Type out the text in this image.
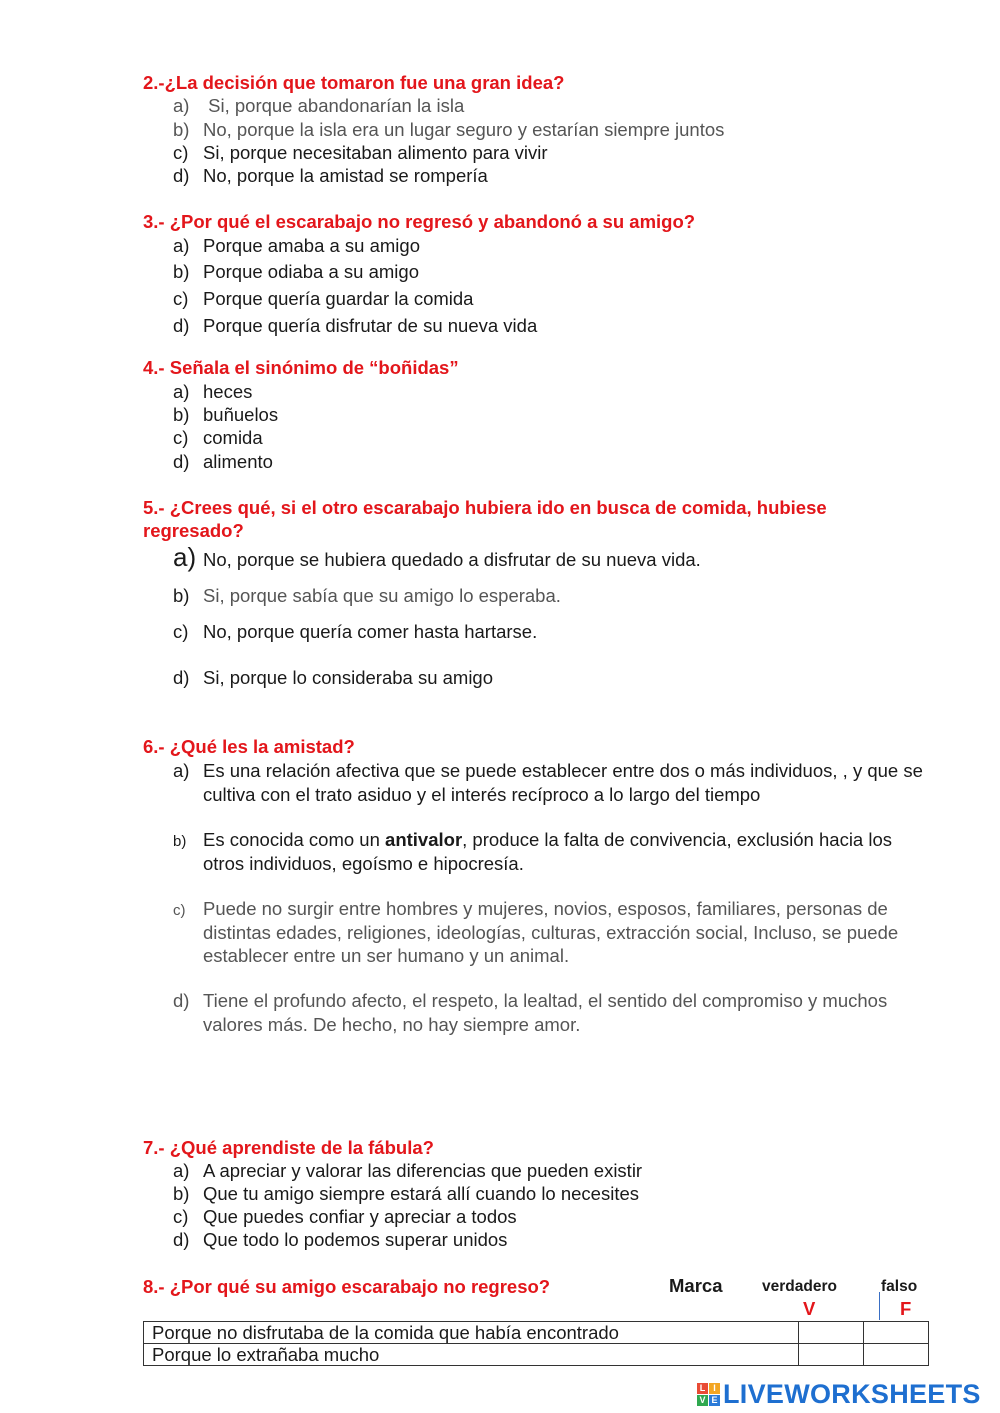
2.-¿La decisión que tomaron fue una gran idea?
a) Si, porque abandonarían la isla
b) No, porque la isla era un lugar seguro y estarían siempre juntos
c) Si, porque necesitaban alimento para vivir
d) No, porque la amistad se rompería
3.- ¿Por qué el escarabajo no regresó y abandonó a su amigo?
a) Porque amaba a su amigo
b) Porque odiaba a su amigo
c) Porque quería guardar la comida
d) Porque quería disfrutar de su nueva vida
4.- Señala el sinónimo de “boñidas”
a) heces
b) buñuelos
c) comida
d) alimento
5.- ¿Crees qué, si el otro escarabajo hubiera ido en busca de comida, hubiese
regresado?
a) No, porque se hubiera quedado a disfrutar de su nueva vida.
b) Si, porque sabía que su amigo lo esperaba.
c) No, porque quería comer hasta hartarse.
d) Si, porque lo consideraba su amigo
6.- ¿Qué les la amistad?
a) Es una relación afectiva que se puede establecer entre dos o más individuos, , y que se cultiva con el trato asiduo y el interés recíproco a lo largo del tiempo
b) Es conocida como un antivalor, produce la falta de convivencia, exclusión hacia los otros individuos, egoísmo e hipocresía.
c) Puede no surgir entre hombres y mujeres, novios, esposos, familiares, personas de distintas edades, religiones, ideologías, culturas, extracción social, Incluso, se puede establecer entre un ser humano y un animal.
d) Tiene el profundo afecto, el respeto, la lealtad, el sentido del compromiso y muchos valores más. De hecho, no hay siempre amor.
7.- ¿Qué aprendiste de la fábula?
a) A apreciar y valorar las diferencias que pueden existir
b) Que tu amigo siempre estará allí cuando lo necesites
c) Que puedes confiar y apreciar a todos
d) Que todo lo podemos superar unidos
8.- ¿Por qué su amigo escarabajo no regreso?	Marca	verdadero	falso
V	F
Porque no disfrutaba de la comida que había encontrado		
Porque lo extrañaba mucho		
L I
V E LIVEWORKSHEETS
